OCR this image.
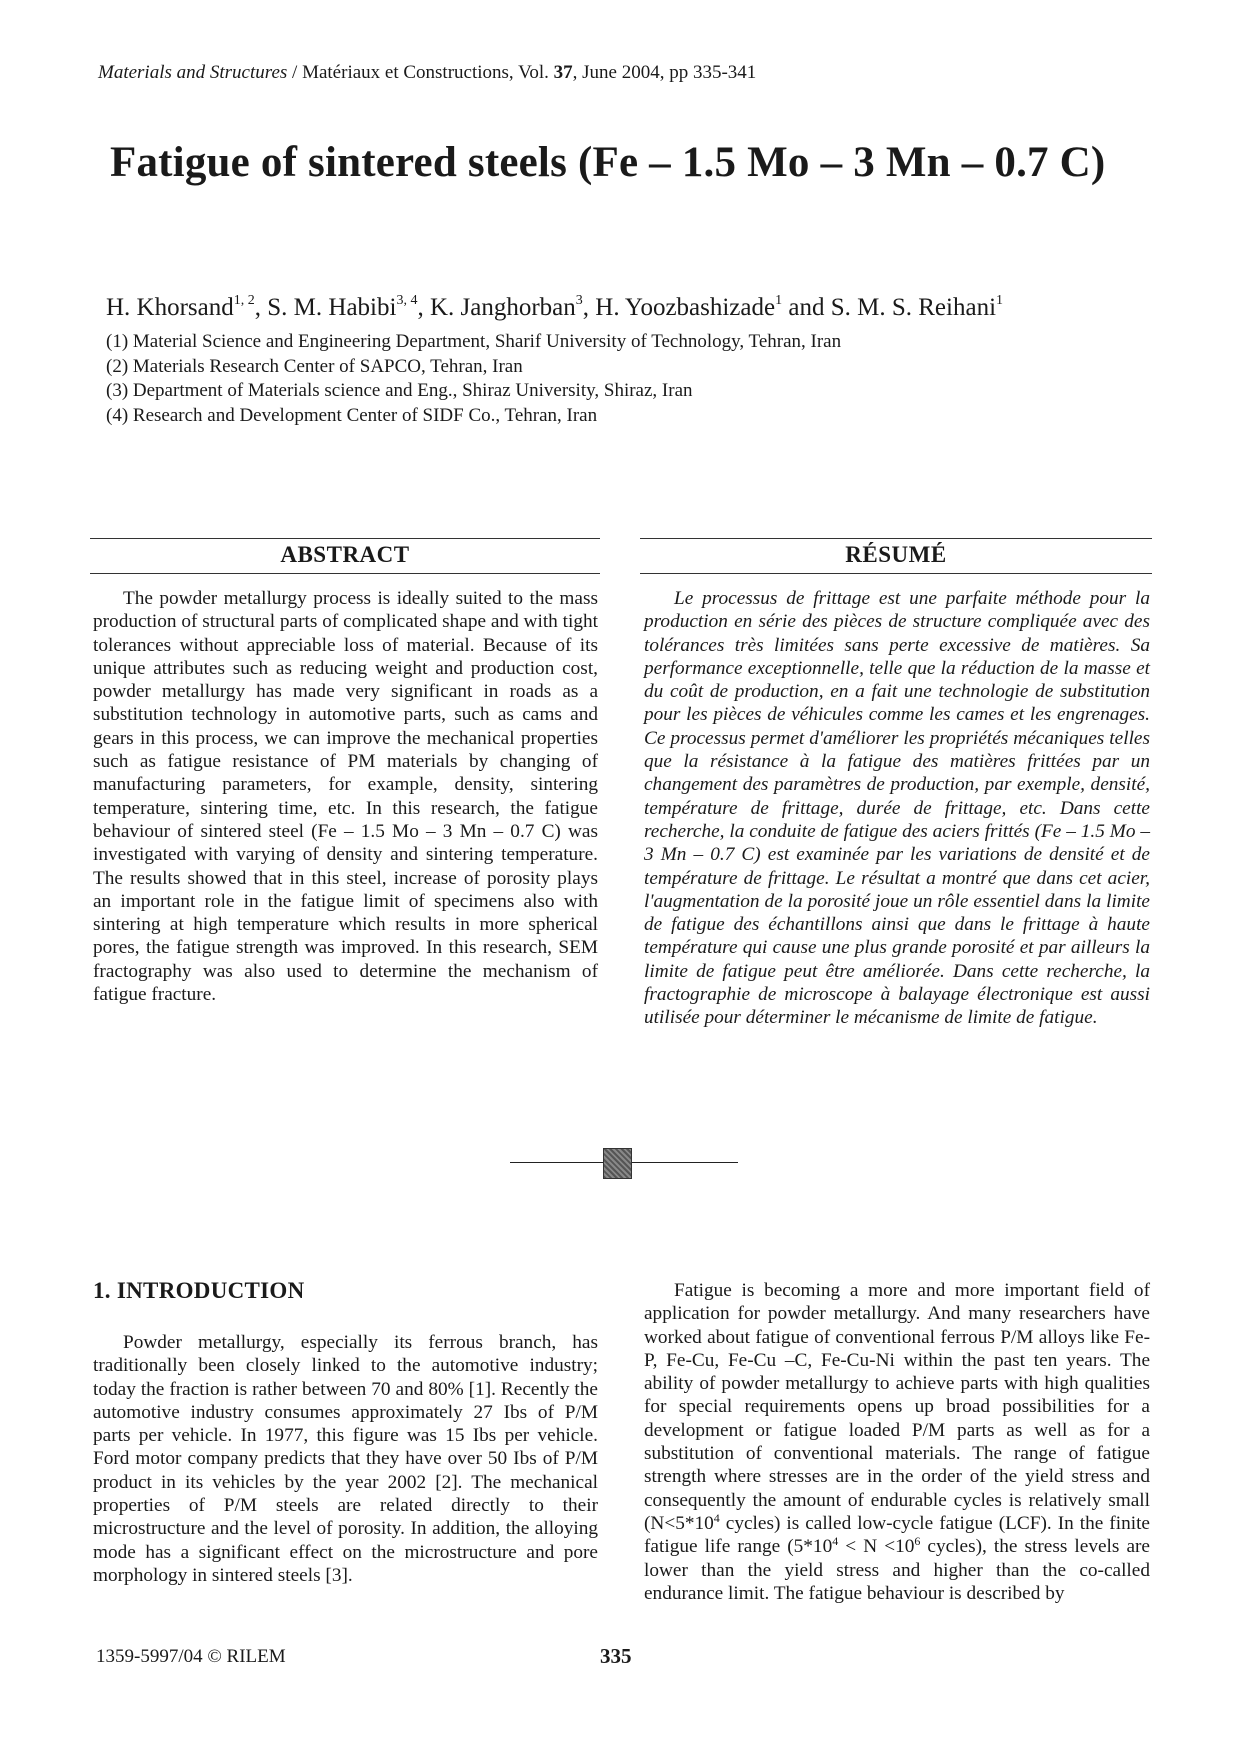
Materials and Structures / Matériaux et Constructions, Vol. 37, June 2004, pp 335-341
Fatigue of sintered steels (Fe – 1.5 Mo – 3 Mn – 0.7 C)
H. Khorsand$^{1, 2}$, S. M. Habibi$^{3, 4}$, K. Janghorban$^3$, H. Yoozbashizade$^1$ and S. M. S. Reihani$^1$
(1) Material Science and Engineering Department, Sharif University of Technology, Tehran, Iran
(2) Materials Research Center of SAPCO, Tehran, Iran
(3) Department of Materials science and Eng., Shiraz University, Shiraz, Iran
(4) Research and Development Center of SIDF Co., Tehran, Iran
ABSTRACT

The powder metallurgy process is ideally suited to the mass production of structural parts of complicated shape and with tight tolerances without appreciable loss of material. Because of its unique attributes such as reducing weight and production cost, powder metallurgy has made very significant in roads as a substitution technology in automotive parts, such as cams and gears in this process, we can improve the mechanical properties such as fatigue resistance of PM materials by changing of manufacturing parameters, for example, density, sintering temperature, sintering time, etc. In this research, the fatigue behaviour of sintered steel (Fe – 1.5 Mo – 3 Mn – 0.7 C) was investigated with varying of density and sintering temperature. The results showed that in this steel, increase of porosity plays an important role in the fatigue limit of specimens also with sintering at high temperature which results in more spherical pores, the fatigue strength was improved. In this research, SEM fractography was also used to determine the mechanism of fatigue fracture.

RÉSUMÉ

Le processus de frittage est une parfaite méthode pour la production en série des pièces de structure compliquée avec des tolérances très limitées sans perte excessive de matières. Sa performance exceptionnelle, telle que la réduction de la masse et du coût de production, en a fait une technologie de substitution pour les pièces de véhicules comme les cames et les engrenages. Ce processus permet d'améliorer les propriétés mécaniques telles que la résistance à la fatigue des matières frittées par un changement des paramètres de production, par exemple, densité, température de frittage, durée de frittage, etc. Dans cette recherche, la conduite de fatigue des aciers frittés (Fe – 1.5 Mo – 3 Mn – 0.7 C) est examinée par les variations de densité et de température de frittage. Le résultat a montré que dans cet acier, l'augmentation de la porosité joue un rôle essentiel dans la limite de fatigue des échantillons ainsi que dans le frittage à haute température qui cause une plus grande porosité et par ailleurs la limite de fatigue peut être améliorée. Dans cette recherche, la fractographie de microscope à balayage électronique est aussi utilisée pour déterminer le mécanisme de limite de fatigue.

1. INTRODUCTION

Powder metallurgy, especially its ferrous branch, has traditionally been closely linked to the automotive industry; today the fraction is rather between 70 and 80% [1]. Recently the automotive industry consumes approximately 27 Ibs of P/M parts per vehicle. In 1977, this figure was 15 Ibs per vehicle. Ford motor company predicts that they have over 50 Ibs of P/M product in its vehicles by the year 2002 [2]. The mechanical properties of P/M steels are related directly to their microstructure and the level of porosity. In addition, the alloying mode has a significant effect on the microstructure and pore morphology in sintered steels [3].

Fatigue is becoming a more and more important field of application for powder metallurgy. And many researchers have worked about fatigue of conventional ferrous P/M alloys like Fe-P, Fe-Cu, Fe-Cu –C, Fe-Cu-Ni within the past ten years. The ability of powder metallurgy to achieve parts with high qualities for special requirements opens up broad possibilities for a development or fatigue loaded P/M parts as well as for a substitution of conventional materials. The range of fatigue strength where stresses are in the order of the yield stress and consequently the amount of endurable cycles is relatively small ($N<5*10^4$ cycles) is called low-cycle fatigue (LCF). In the finite fatigue life range ($5*10^4 < N <10^6$ cycles), the stress levels are lower than the yield stress and higher than the co-called endurance limit. The fatigue behaviour is described by

1359-5997/04 © RILEM	335
